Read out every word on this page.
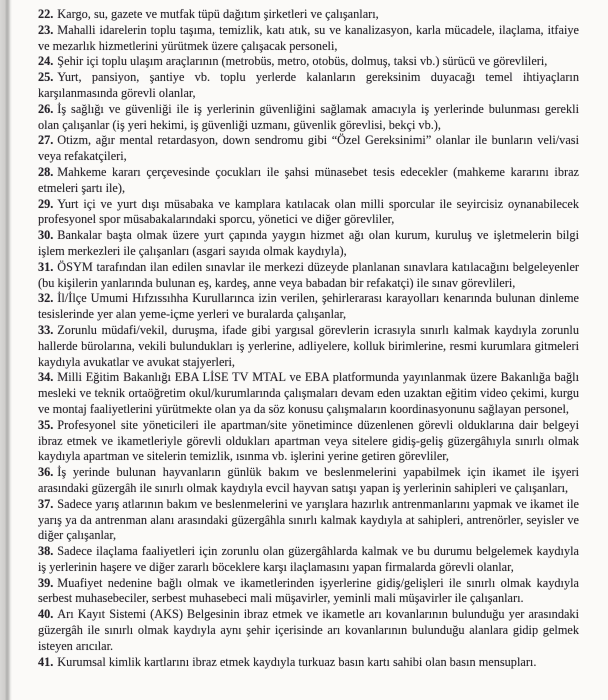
22. Kargo, su, gazete ve mutfak tüpü dağıtım şirketleri ve çalışanları,

23. Mahalli idarelerin toplu taşıma, temizlik, katı atık, su ve kanalizasyon, karla mücadele, ilaçlama, itfaiye ve mezarlık hizmetlerini yürütmek üzere çalışacak personeli,

24. Şehir içi toplu ulaşım araçlarının (metrobüs, metro, otobüs, dolmuş, taksi vb.) sürücü ve görevlileri,

25. Yurt, pansiyon, şantiye vb. toplu yerlerde kalanların gereksinim duyacağı temel ihtiyaçların karşılanmasında görevli olanlar,

26. İş sağlığı ve güvenliği ile iş yerlerinin güvenliğini sağlamak amacıyla iş yerlerinde bulunması gerekli olan çalışanlar (iş yeri hekimi, iş güvenliği uzmanı, güvenlik görevlisi, bekçi vb.),

27. Otizm, ağır mental retardasyon, down sendromu gibi “Özel Gereksinimi” olanlar ile bunların veli/vasi veya refakatçileri,

28. Mahkeme kararı çerçevesinde çocukları ile şahsi münasebet tesis edecekler (mahkeme kararını ibraz etmeleri şartı ile),

29. Yurt içi ve yurt dışı müsabaka ve kamplara katılacak olan milli sporcular ile seyircisiz oynanabilecek profesyonel spor müsabakalarındaki sporcu, yönetici ve diğer görevliler,

30. Bankalar başta olmak üzere yurt çapında yaygın hizmet ağı olan kurum, kuruluş ve işletmelerin bilgi işlem merkezleri ile çalışanları (asgari sayıda olmak kaydıyla),

31. ÖSYM tarafından ilan edilen sınavlar ile merkezi düzeyde planlanan sınavlara katılacağını belgeleyenler (bu kişilerin yanlarında bulunan eş, kardeş, anne veya babadan bir refakatçi) ile sınav görevlileri,

32. İl/İlçe Umumi Hıfzıssıhha Kurullarınca izin verilen, şehirlerarası karayolları kenarında bulunan dinleme tesislerinde yer alan yeme-içme yerleri ve buralarda çalışanlar,

33. Zorunlu müdafi/vekil, duruşma, ifade gibi yargısal görevlerin icrasıyla sınırlı kalmak kaydıyla zorunlu hallerde bürolarına, vekili bulundukları iş yerlerine, adliyelere, kolluk birimlerine, resmi kurumlara gitmeleri kaydıyla avukatlar ve avukat stajyerleri,

34. Milli Eğitim Bakanlığı EBA LİSE TV MTAL ve EBA platformunda yayınlanmak üzere Bakanlığa bağlı mesleki ve teknik ortaöğretim okul/kurumlarında çalışmaları devam eden uzaktan eğitim video çekimi, kurgu ve montaj faaliyetlerini yürütmekte olan ya da söz konusu çalışmaların koordinasyonunu sağlayan personel,

35. Profesyonel site yöneticileri ile apartman/site yönetimince düzenlenen görevli olduklarına dair belgeyi ibraz etmek ve ikametleriyle görevli oldukları apartman veya sitelere gidiş-geliş güzergâhıyla sınırlı olmak kaydıyla apartman ve sitelerin temizlik, ısınma vb. işlerini yerine getiren görevliler,

36. İş yerinde bulunan hayvanların günlük bakım ve beslenmelerini yapabilmek için ikamet ile işyeri arasındaki güzergâh ile sınırlı olmak kaydıyla evcil hayvan satışı yapan iş yerlerinin sahipleri ve çalışanları,

37. Sadece yarış atlarının bakım ve beslenmelerini ve yarışlara hazırlık antrenmanlarını yapmak ve ikamet ile yarış ya da antrenman alanı arasındaki güzergâhla sınırlı kalmak kaydıyla at sahipleri, antrenörler, seyisler ve diğer çalışanlar,

38. Sadece ilaçlama faaliyetleri için zorunlu olan güzergâhlarda kalmak ve bu durumu belgelemek kaydıyla iş yerlerinin haşere ve diğer zararlı böceklere karşı ilaçlamasını yapan firmalarda görevli olanlar,

39. Muafiyet nedenine bağlı olmak ve ikametlerinden işyerlerine gidiş/gelişleri ile sınırlı olmak kaydıyla serbest muhasebeciler, serbest muhasebeci mali müşavirler, yeminli mali müşavirler ile çalışanları.

40. Arı Kayıt Sistemi (AKS) Belgesinin ibraz etmek ve ikametle arı kovanlarının bulunduğu yer arasındaki güzergâh ile sınırlı olmak kaydıyla aynı şehir içerisinde arı kovanlarının bulunduğu alanlara gidip gelmek isteyen arıcılar.

41. Kurumsal kimlik kartlarını ibraz etmek kaydıyla turkuaz basın kartı sahibi olan basın mensupları.
